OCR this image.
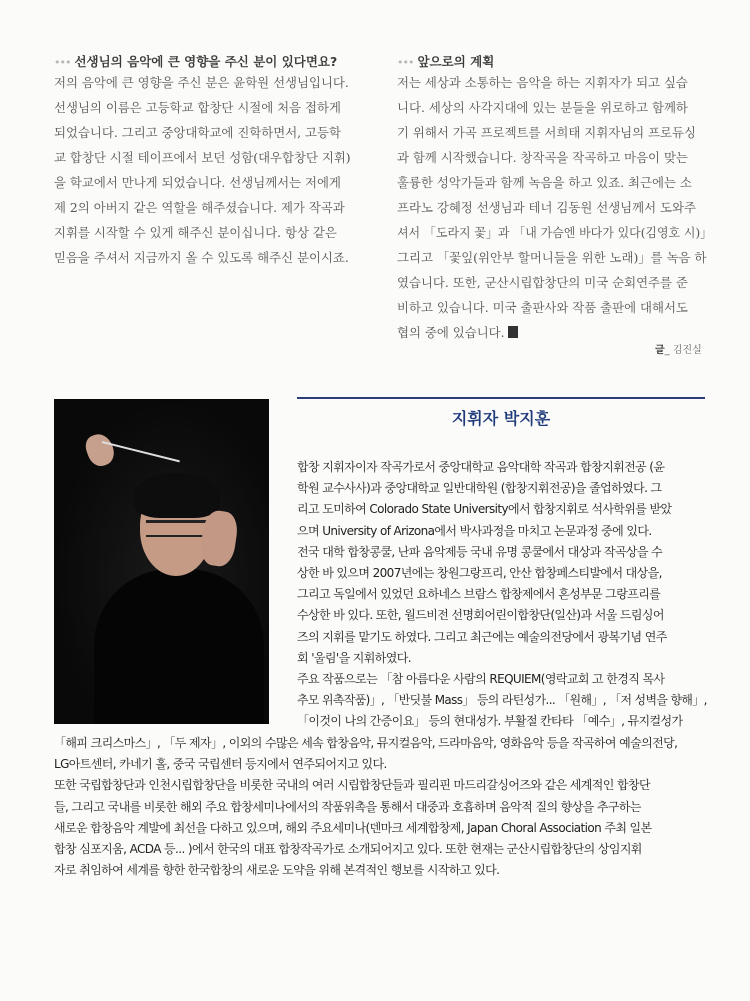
••• 선생님의 음악에 큰 영향을 주신 분이 있다면요?
저의 음악에 큰 영향을 주신 분은 윤학원 선생님입니다.
선생님의 이름은 고등학교 합창단 시절에 처음 접하게
되었습니다. 그리고 중앙대학교에 진학하면서, 고등학
교 합창단 시절 테이프에서 보던 성함(대우합창단 지휘)
을 학교에서 만나게 되었습니다. 선생님께서는 저에게
제 2의 아버지 같은 역할을 해주셨습니다. 제가 작곡과
지휘를 시작할 수 있게 해주신 분이십니다. 항상 같은
믿음을 주셔서 지금까지 올 수 있도록 해주신 분이시죠.
••• 앞으로의 계획
저는 세상과 소통하는 음악을 하는 지휘자가 되고 싶습
니다. 세상의 사각지대에 있는 분들을 위로하고 함께하
기 위해서 가곡 프로젝트를 서희태 지휘자님의 프로듀싱
과 함께 시작했습니다. 창작곡을 작곡하고 마음이 맞는
훌륭한 성악가들과 함께 녹음을 하고 있죠. 최근에는 소
프라노 강혜정 선생님과 테너 김동원 선생님께서 도와주
셔서 「도라지 꽃」과 「내 가슴엔 바다가 있다(김영호 시)」
그리고 「꽃잎(위안부 할머니들을 위한 노래)」를 녹음 하
였습니다. 또한, 군산시립합창단의 미국 순회연주를 준
비하고 있습니다. 미국 출판사와 작품 출판에 대해서도
협의 중에 있습니다.
글_ 김진실
지휘자 박지훈
합창 지휘자이자 작곡가로서 중앙대학교 음악대학 작곡과 합창지휘전공 (윤
학원 교수사사)과 중앙대학교 일반대학원 (합창지휘전공)을 졸업하였다. 그
리고 도미하여 Colorado State University에서 합창지휘로 석사학위를 받았
으며 University of Arizona에서 박사과정을 마치고 논문과정 중에 있다.
전국 대학 합창콩쿨, 난파 음악제등 국내 유명 콩쿨에서 대상과 작곡상을 수
상한 바 있으며 2007년에는 창원그랑프리, 안산 합창페스티발에서 대상을,
그리고 독일에서 있었던 요하네스 브람스 합창제에서 혼성부문 그랑프리를
수상한 바 있다. 또한, 월드비전 선명회어린이합창단(일산)과 서울 드림싱어
즈의 지휘를 맡기도 하였다. 그리고 최근에는 예술의전당에서 광복기념 연주
회 '울림'을 지휘하였다.
주요 작품으로는 「참 아름다운 사람의 REQUIEM(영락교회 고 한경직 목사
추모 위촉작품)」, 「반딧불 Mass」 등의 라틴성가... 「원해」, 「저 성벽을 향해」,
「이것이 나의 간증이요」 등의 현대성가. 부활절 칸타타 「예수」, 뮤지컬성가
「해피 크리스마스」, 「두 제자」, 이외의 수많은 세속 합창음악, 뮤지컬음악, 드라마음악, 영화음악 등을 작곡하여 예술의전당,
LG아트센터, 카네기 홀, 중국 국립센터 등지에서 연주되어지고 있다.
또한 국립합창단과 인천시립합창단을 비롯한 국내의 여러 시립합창단들과 필리핀 마드리갈싱어즈와 같은 세계적인 합창단
들, 그리고 국내를 비롯한 해외 주요 합창세미나에서의 작품위촉을 통해서 대중과 호흡하며 음악적 질의 향상을 추구하는
새로운 합창음악 계발에 최선을 다하고 있으며, 해외 주요세미나(덴마크 세계합창제, Japan Choral Association 주최 일본
합창 심포지움, ACDA 등... )에서 한국의 대표 합창작곡가로 소개되어지고 있다. 또한 현재는 군산시립합창단의 상임지휘
자로 취임하여 세계를 향한 한국합창의 새로운 도약을 위해 본격적인 행보를 시작하고 있다.
